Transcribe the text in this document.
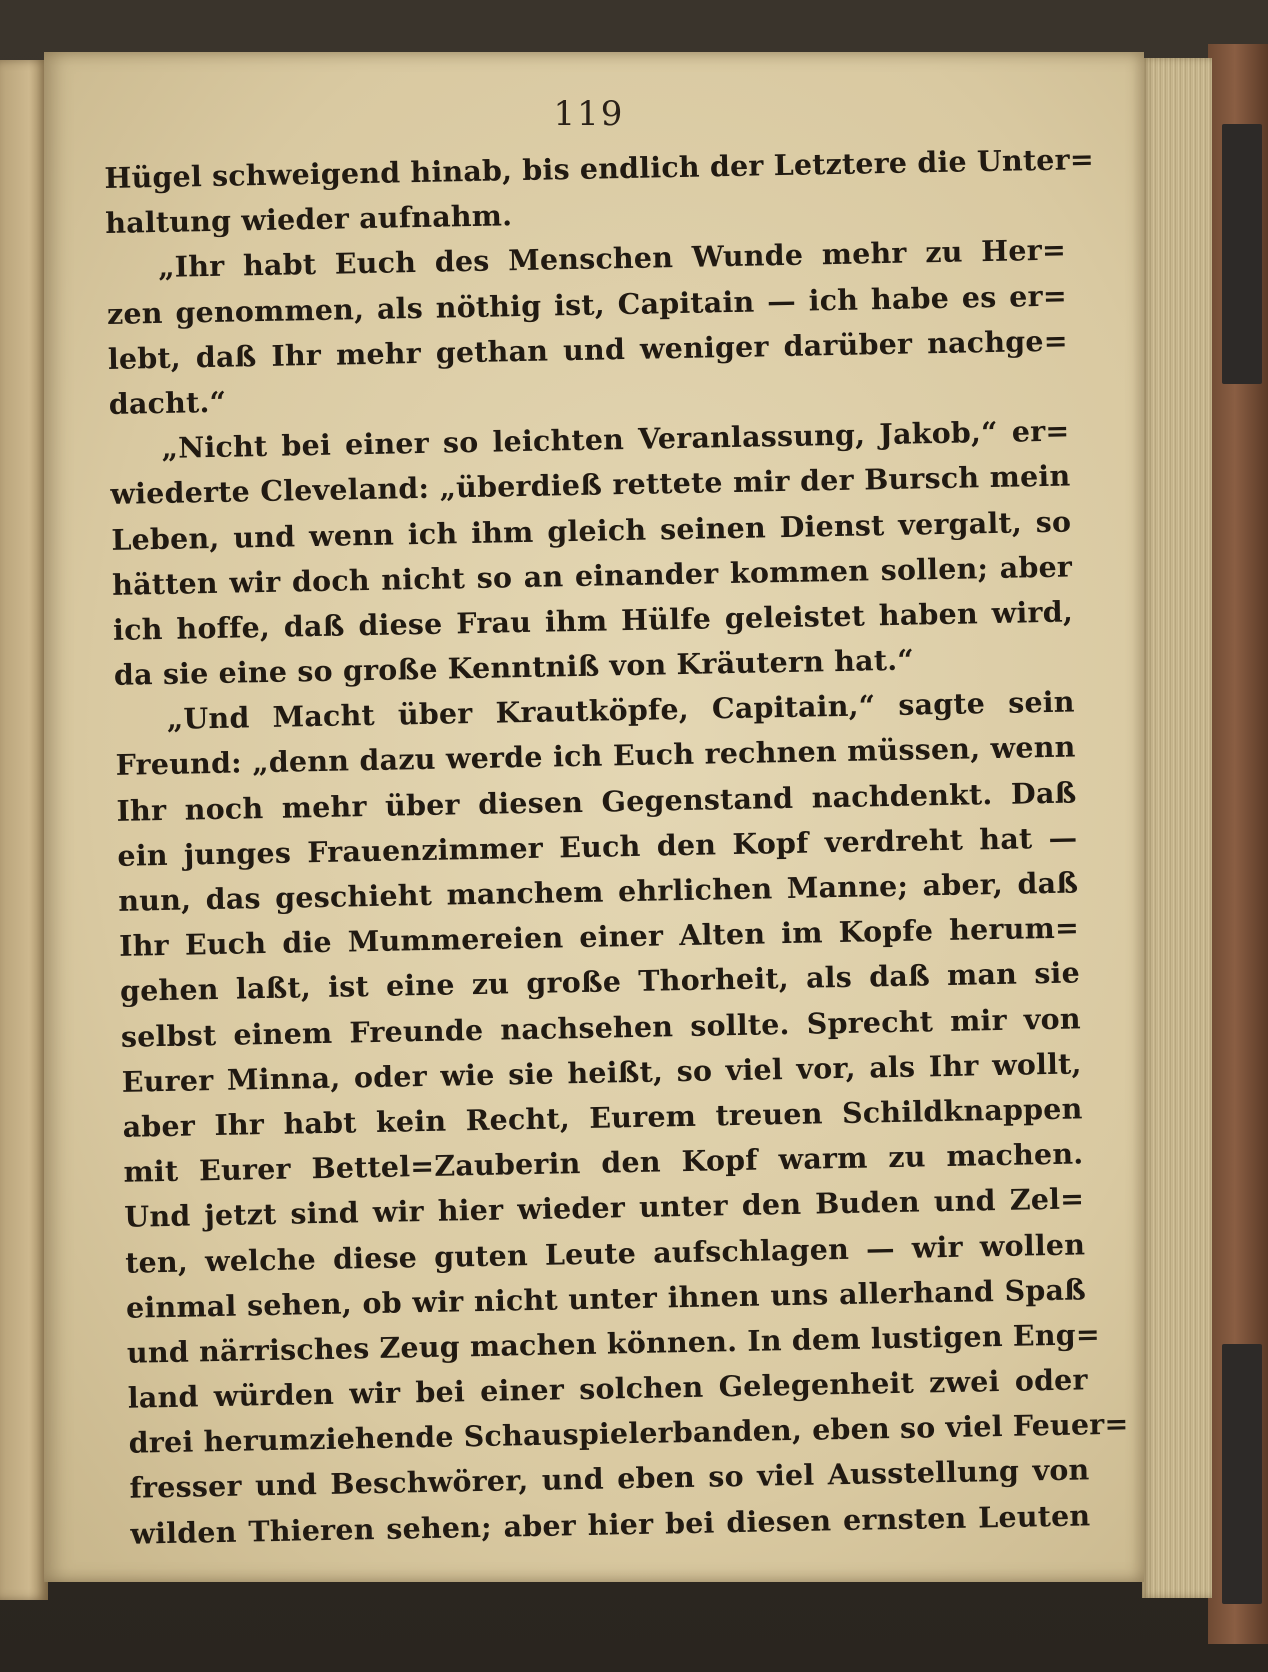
119
Hügel schweigend hinab, bis endlich der Letztere die Unter=
haltung wieder aufnahm.
„Ihr habt Euch des Menschen Wunde mehr zu Her=
zen genommen, als nöthig ist, Capitain — ich habe es er=
lebt, daß Ihr mehr gethan und weniger darüber nachge=
dacht.“
„Nicht bei einer so leichten Veranlassung, Jakob,“ er=
wiederte Cleveland: „überdieß rettete mir der Bursch mein
Leben, und wenn ich ihm gleich seinen Dienst vergalt, so
hätten wir doch nicht so an einander kommen sollen; aber
ich hoffe, daß diese Frau ihm Hülfe geleistet haben wird,
da sie eine so große Kenntniß von Kräutern hat.“
„Und Macht über Krautköpfe, Capitain,“ sagte sein
Freund: „denn dazu werde ich Euch rechnen müssen, wenn
Ihr noch mehr über diesen Gegenstand nachdenkt. Daß
ein junges Frauenzimmer Euch den Kopf verdreht hat —
nun, das geschieht manchem ehrlichen Manne; aber, daß
Ihr Euch die Mummereien einer Alten im Kopfe herum=
gehen laßt, ist eine zu große Thorheit, als daß man sie
selbst einem Freunde nachsehen sollte. Sprecht mir von
Eurer Minna, oder wie sie heißt, so viel vor, als Ihr wollt,
aber Ihr habt kein Recht, Eurem treuen Schildknappen
mit Eurer Bettel=Zauberin den Kopf warm zu machen.
Und jetzt sind wir hier wieder unter den Buden und Zel=
ten, welche diese guten Leute aufschlagen — wir wollen
einmal sehen, ob wir nicht unter ihnen uns allerhand Spaß
und närrisches Zeug machen können. In dem lustigen Eng=
land würden wir bei einer solchen Gelegenheit zwei oder
drei herumziehende Schauspielerbanden, eben so viel Feuer=
fresser und Beschwörer, und eben so viel Ausstellung von
wilden Thieren sehen; aber hier bei diesen ernsten Leuten
